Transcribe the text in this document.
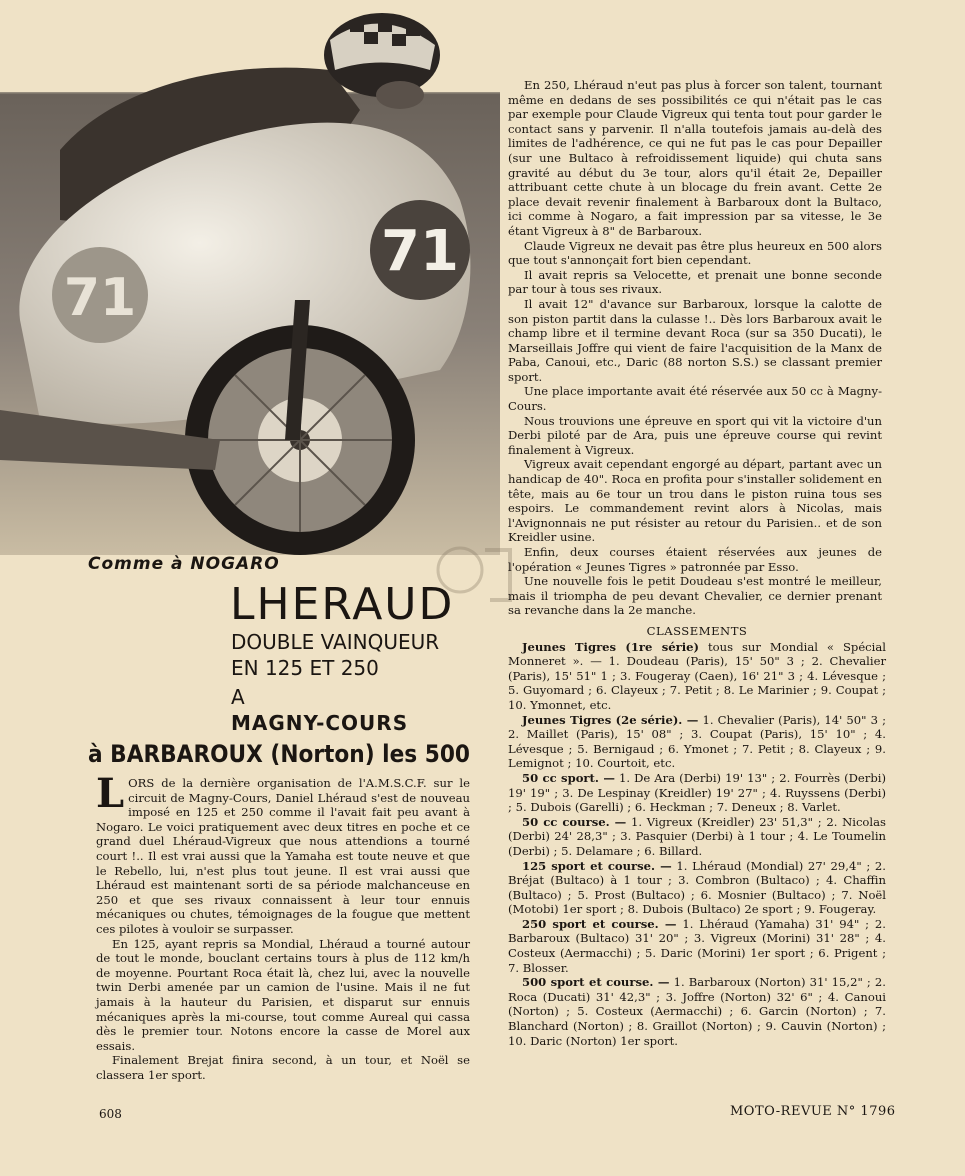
71
71
Comme à NOGARO
LHERAUD
DOUBLE VAINQUEUR
EN 125 ET 250
A
MAGNY-COURS
à BARBAROUX (Norton) les 500

LORS de la dernière organisation de l'A.M.S.C.F. sur le circuit de Magny-Cours, Daniel Lhéraud s'est de nouveau imposé en 125 et 250 comme il l'avait fait peu avant à Nogaro. Le voici pratiquement avec deux titres en poche et ce grand duel Lhéraud-Vigreux que nous attendions a tourné court !.. Il est vrai aussi que la Yamaha est toute neuve et que le Rebello, lui, n'est plus tout jeune. Il est vrai aussi que Lhéraud est maintenant sorti de sa période malchanceuse en 250 et que ses rivaux connaissent à leur tour ennuis mécaniques ou chutes, témoignages de la fougue que mettent ces pilotes à vouloir se surpasser.

En 125, ayant repris sa Mondial, Lhéraud a tourné autour de tout le monde, bouclant certains tours à plus de 112 km/h de moyenne. Pourtant Roca était là, chez lui, avec la nouvelle twin Derbi amenée par un camion de l'usine. Mais il ne fut jamais à la hauteur du Parisien, et disparut sur ennuis mécaniques après la mi-course, tout comme Aureal qui cassa dès le premier tour. Notons encore la casse de Morel aux essais.

Finalement Brejat finira second, à un tour, et Noël se classera 1er sport.

En 250, Lhéraud n'eut pas plus à forcer son talent, tournant même en dedans de ses possibilités ce qui n'était pas le cas par exemple pour Claude Vigreux qui tenta tout pour garder le contact sans y parvenir. Il n'alla toutefois jamais au-delà des limites de l'adhérence, ce qui ne fut pas le cas pour Depailler (sur une Bultaco à refroidissement liquide) qui chuta sans gravité au début du 3e tour, alors qu'il était 2e, Depailler attribuant cette chute à un blocage du frein avant. Cette 2e place devait revenir finalement à Barbaroux dont la Bultaco, ici comme à Nogaro, a fait impression par sa vitesse, le 3e étant Vigreux à 8" de Barbaroux.

Claude Vigreux ne devait pas être plus heureux en 500 alors que tout s'annonçait fort bien cependant.

Il avait repris sa Velocette, et prenait une bonne seconde par tour à tous ses rivaux.

Il avait 12" d'avance sur Barbaroux, lorsque la calotte de son piston partit dans la culasse !.. Dès lors Barbaroux avait le champ libre et il termine devant Roca (sur sa 350 Ducati), le Marseillais Joffre qui vient de faire l'acquisition de la Manx de Paba, Canoui, etc., Daric (88 norton S.S.) se classant premier sport.

Une place importante avait été réservée aux 50 cc à Magny-Cours.

Nous trouvions une épreuve en sport qui vit la victoire d'un Derbi piloté par de Ara, puis une épreuve course qui revint finalement à Vigreux.

Vigreux avait cependant engorgé au départ, partant avec un handicap de 40". Roca en profita pour s'installer solidement en tête, mais au 6e tour un trou dans le piston ruina tous ses espoirs. Le commandement revint alors à Nicolas, mais l'Avignonnais ne put résister au retour du Parisien.. et de son Kreidler usine.

Enfin, deux courses étaient réservées aux jeunes de l'opération « Jeunes Tigres » patronnée par Esso.

Une nouvelle fois le petit Doudeau s'est montré le meilleur, mais il triompha de peu devant Chevalier, ce dernier prenant sa revanche dans la 2e manche.

CLASSEMENTS

Jeunes Tigres (1re série) tous sur Mondial « Spécial Monneret ». — 1. Doudeau (Paris), 15' 50" 3 ; 2. Chevalier (Paris), 15' 51" 1 ; 3. Fougeray (Caen), 16' 21" 3 ; 4. Lévesque ; 5. Guyomard ; 6. Clayeux ; 7. Petit ; 8. Le Marinier ; 9. Coupat ; 10. Ymonnet, etc.

Jeunes Tigres (2e série). — 1. Chevalier (Paris), 14' 50" 3 ; 2. Maillet (Paris), 15' 08" ; 3. Coupat (Paris), 15' 10" ; 4. Lévesque ; 5. Bernigaud ; 6. Ymonet ; 7. Petit ; 8. Clayeux ; 9. Lemignot ; 10. Courtoit, etc.

50 cc sport. — 1. De Ara (Derbi) 19' 13" ; 2. Fourrès (Derbi) 19' 19" ; 3. De Lespinay (Kreidler) 19' 27" ; 4. Ruyssens (Derbi) ; 5. Dubois (Garelli) ; 6. Heckman ; 7. Deneux ; 8. Varlet.

50 cc course. — 1. Vigreux (Kreidler) 23' 51,3" ; 2. Nicolas (Derbi) 24' 28,3" ; 3. Pasquier (Derbi) à 1 tour ; 4. Le Toumelin (Derbi) ; 5. Delamare ; 6. Billard.

125 sport et course. — 1. Lhéraud (Mondial) 27' 29,4" ; 2. Bréjat (Bultaco) à 1 tour ; 3. Combron (Bultaco) ; 4. Chaffin (Bultaco) ; 5. Prost (Bultaco) ; 6. Mosnier (Bultaco) ; 7. Noël (Motobi) 1er sport ; 8. Dubois (Bultaco) 2e sport ; 9. Fougeray.

250 sport et course. — 1. Lhéraud (Yamaha) 31' 94" ; 2. Barbaroux (Bultaco) 31' 20" ; 3. Vigreux (Morini) 31' 28" ; 4. Costeux (Aermacchi) ; 5. Daric (Morini) 1er sport ; 6. Prigent ; 7. Blosser.

500 sport et course. — 1. Barbaroux (Norton) 31' 15,2" ; 2. Roca (Ducati) 31' 42,3" ; 3. Joffre (Norton) 32' 6" ; 4. Canoui (Norton) ; 5. Costeux (Aermacchi) ; 6. Garcin (Norton) ; 7. Blanchard (Norton) ; 8. Graillot (Norton) ; 9. Cauvin (Norton) ; 10. Daric (Norton) 1er sport.

608	MOTO-REVUE N° 1796
